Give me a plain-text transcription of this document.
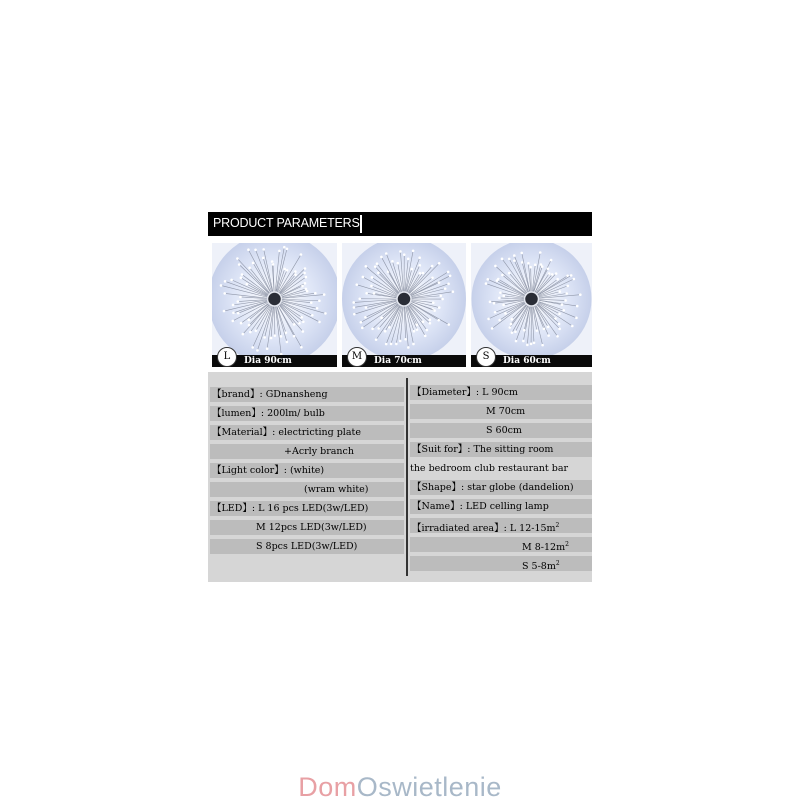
PRODUCT PARAMETERS
Dia 90cm
L	Dia 70cm
M	Dia 60cm
S
【brand】: GDnansheng
【lumen】: 200lm/ bulb
【Material】: electricting plate
+Acrly branch
【Light color】: (white)
(wram white)
【LED】: L 16 pcs LED(3w/LED)
M 12pcs LED(3w/LED)
S 8pcs LED(3w/LED)
【Diameter】: L 90cm
M 70cm
S 60cm
【Suit for】: The sitting room
the bedroom club restaurant bar
【Shape】: star globe (dandelion)
【Name】: LED celling lamp
【irradiated area】: L $12-15m^2$
M $8-12m^2$
S $5-8m^2$
DomOswietlenie
